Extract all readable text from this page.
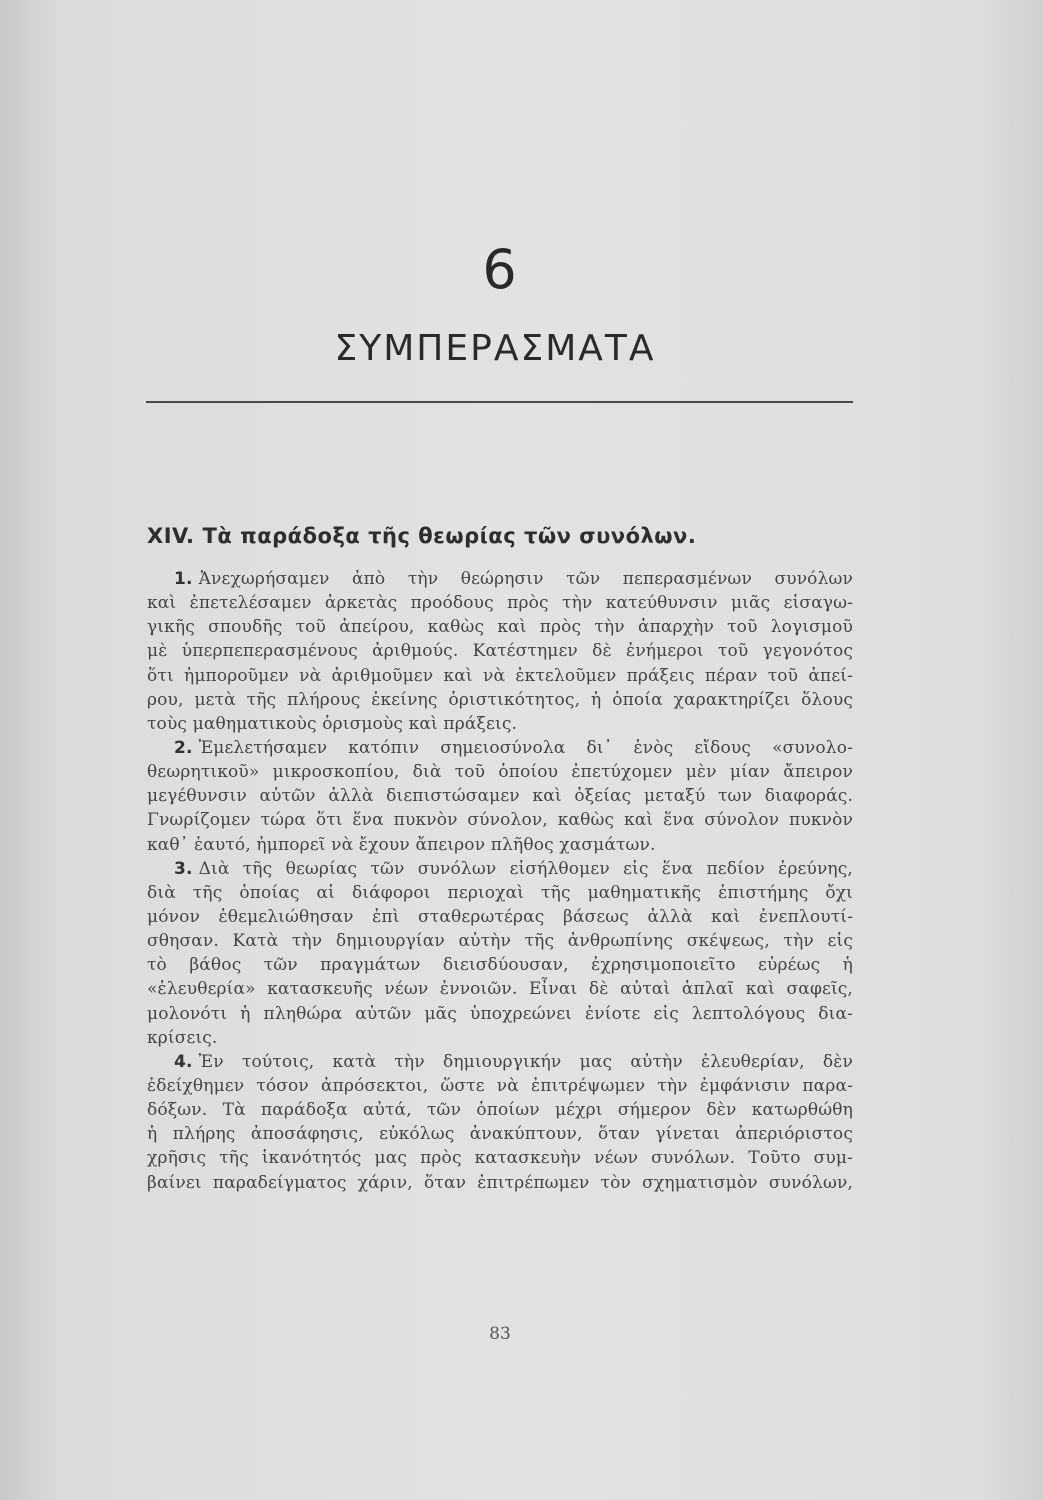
6
ΣΥΜΠΕΡΑΣΜΑΤΑ
XIV. Τὰ παράδοξα τῆς θεωρίας τῶν συνόλων.
1. Ἀνεχωρήσαμεν ἀπὸ τὴν θεώρησιν τῶν πεπερασμένων συνόλων
καὶ ἐπετελέσαμεν ἀρκετὰς προόδους πρὸς τὴν κατεύθυνσιν μιᾶς εἰσαγω-
γικῆς σπουδῆς τοῦ ἀπείρου, καθὼς καὶ πρὸς τὴν ἀπαρχὴν τοῦ λογισμοῦ
μὲ ὑπερπεπερασμένους ἀριθμούς. Κατέστημεν δὲ ἐνήμεροι τοῦ γεγονότος
ὅτι ἠμποροῦμεν νὰ ἀριθμοῦμεν καὶ νὰ ἐκτελοῦμεν πράξεις πέραν τοῦ ἀπεί-
ρου, μετὰ τῆς πλήρους ἐκείνης ὁριστικότητος, ἡ ὁποία χαρακτηρίζει ὅλους
τοὺς μαθηματικοὺς ὁρισμοὺς καὶ πράξεις.
2. Ἐμελετήσαμεν κατόπιν σημειοσύνολα δι᾽ ἑνὸς εἴδους «συνολο-
θεωρητικοῦ» μικροσκοπίου, διὰ τοῦ ὁποίου ἐπετύχομεν μὲν μίαν ἄπειρον
μεγέθυνσιν αὐτῶν ἀλλὰ διεπιστώσαμεν καὶ ὀξείας μεταξύ των διαφοράς.
Γνωρίζομεν τώρα ὅτι ἕνα πυκνὸν σύνολον, καθὼς καὶ ἕνα σύνολον πυκνὸν
καθ᾽ ἑαυτό, ἠμπορεῖ νὰ ἔχουν ἄπειρον πλῆθος χασμάτων.
3. Διὰ τῆς θεωρίας τῶν συνόλων εἰσήλθομεν εἰς ἕνα πεδίον ἐρεύνης,
διὰ τῆς ὁποίας αἱ διάφοροι περιοχαὶ τῆς μαθηματικῆς ἐπιστήμης ὄχι
μόνον ἐθεμελιώθησαν ἐπὶ σταθερωτέρας βάσεως ἀλλὰ καὶ ἐνεπλουτί-
σθησαν. Κατὰ τὴν δημιουργίαν αὐτὴν τῆς ἀνθρωπίνης σκέψεως, τὴν εἰς
τὸ βάθος τῶν πραγμάτων διεισδύουσαν, ἐχρησιμοποιεῖτο εὐρέως ἡ
«ἐλευθερία» κατασκευῆς νέων ἐννοιῶν. Εἶναι δὲ αὐταὶ ἁπλαῖ καὶ σαφεῖς,
μολονότι ἡ πληθώρα αὐτῶν μᾶς ὑποχρεώνει ἐνίοτε εἰς λεπτολόγους δια-
κρίσεις.
4. Ἐν τούτοις, κατὰ τὴν δημιουργικήν μας αὐτὴν ἐλευθερίαν, δὲν
ἐδείχθημεν τόσον ἀπρόσεκτοι, ὥστε νὰ ἐπιτρέψωμεν τὴν ἐμφάνισιν παρα-
δόξων. Τὰ παράδοξα αὐτά, τῶν ὁποίων μέχρι σήμερον δὲν κατωρθώθη
ἡ πλήρης ἀποσάφησις, εὐκόλως ἀνακύπτουν, ὅταν γίνεται ἀπεριόριστος
χρῆσις τῆς ἱκανότητός μας πρὸς κατασκευὴν νέων συνόλων. Τοῦτο συμ-
βαίνει παραδείγματος χάριν, ὅταν ἐπιτρέπωμεν τὸν σχηματισμὸν συνόλων,
83
